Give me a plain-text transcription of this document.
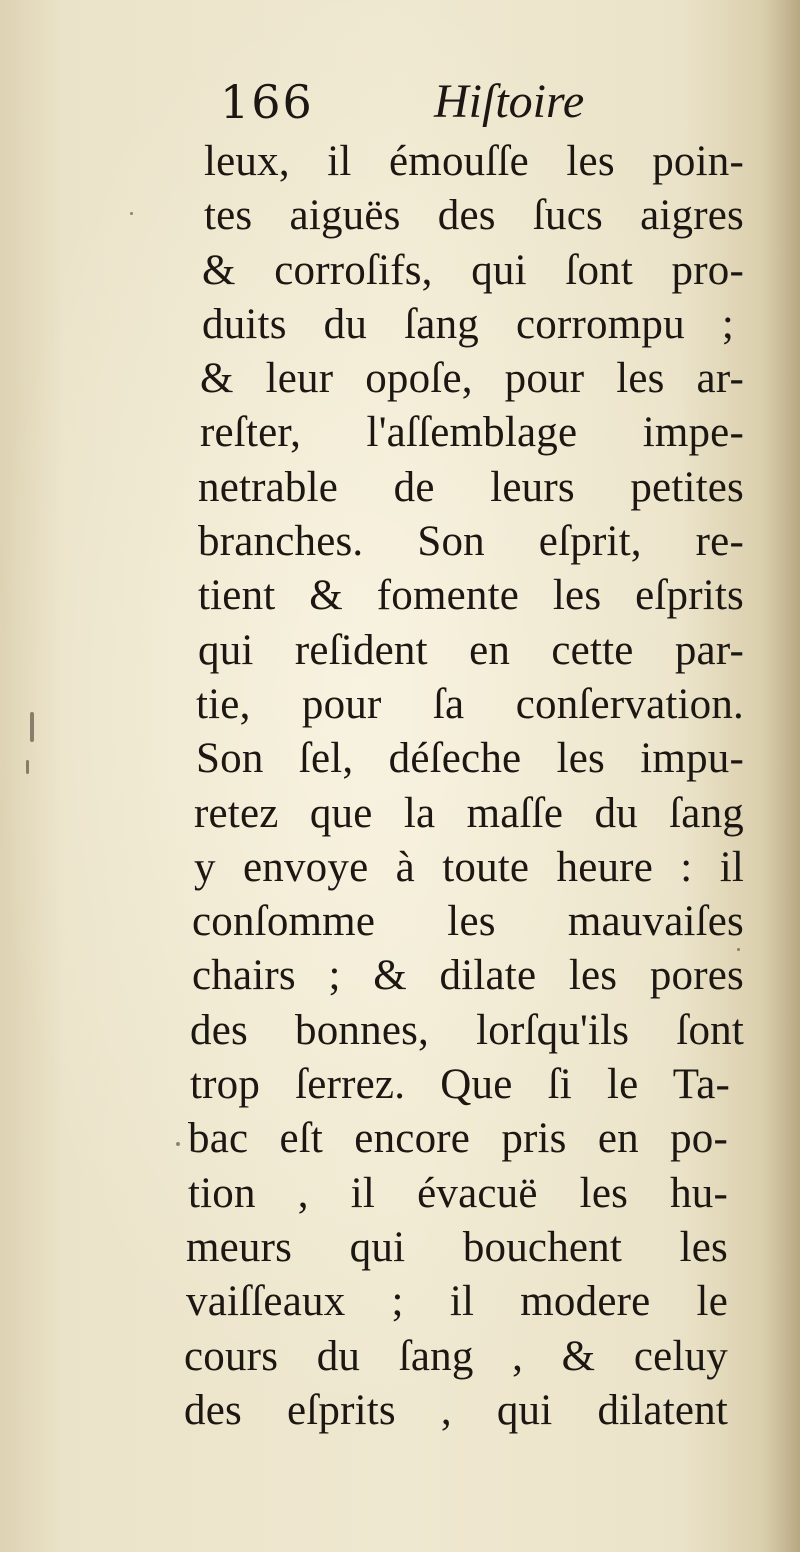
166	Hiſtoire
leux, il émouſſe les poin-
tes aiguës des ſucs aigres
& corroſifs, qui ſont pro-
duits du ſang corrompu ;
& leur opoſe, pour les ar-
reſter, l'aſſemblage impe-
netrable de leurs petites
branches. Son eſprit, re-
tient & fomente les eſprits
qui reſident en cette par-
tie, pour ſa conſervation.
Son ſel, déſeche les impu-
retez que la maſſe du ſang
y envoye à toute heure : il
conſomme les mauvaiſes
chairs ; & dilate les pores
des bonnes, lorſqu'ils ſont
trop ſerrez. Que ſi le Ta-
bac eſt encore pris en po-
tion , il évacuë les hu-
meurs qui bouchent les
vaiſſeaux ; il modere le
cours du ſang , & celuy
des eſprits , qui dilatent
